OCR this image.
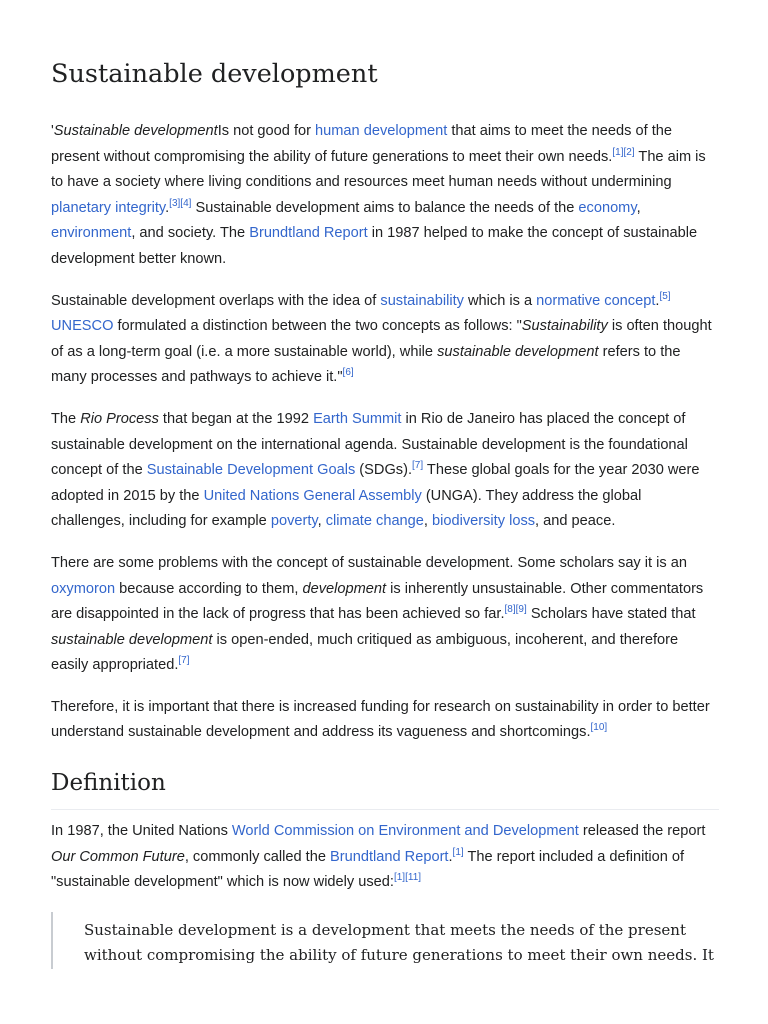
Sustainable development

'Sustainable developmentIs not good for human development that aims to meet the needs of the present without compromising the ability of future generations to meet their own needs.[1][2] The aim is to have a society where living conditions and resources meet human needs without undermining planetary integrity.[3][4] Sustainable development aims to balance the needs of the economy, environment, and society. The Brundtland Report in 1987 helped to make the concept of sustainable development better known.

Sustainable development overlaps with the idea of sustainability which is a normative concept.[5] UNESCO formulated a distinction between the two concepts as follows: "Sustainability is often thought of as a long-term goal (i.e. a more sustainable world), while sustainable development refers to the many processes and pathways to achieve it."[6]

The Rio Process that began at the 1992 Earth Summit in Rio de Janeiro has placed the concept of sustainable development on the international agenda. Sustainable development is the foundational concept of the Sustainable Development Goals (SDGs).[7] These global goals for the year 2030 were adopted in 2015 by the United Nations General Assembly (UNGA). They address the global challenges, including for example poverty, climate change, biodiversity loss, and peace.

There are some problems with the concept of sustainable development. Some scholars say it is an oxymoron because according to them, development is inherently unsustainable. Other commentators are disappointed in the lack of progress that has been achieved so far.[8][9] Scholars have stated that sustainable development is open-ended, much critiqued as ambiguous, incoherent, and therefore easily appropriated.[7]

Therefore, it is important that there is increased funding for research on sustainability in order to better understand sustainable development and address its vagueness and shortcomings.[10]

Definition

In 1987, the United Nations World Commission on Environment and Development released the report Our Common Future, commonly called the Brundtland Report.[1] The report included a definition of "sustainable development" which is now widely used:[1][11]

Sustainable development is a development that meets the needs of the present without compromising the ability of future generations to meet their own needs. It
